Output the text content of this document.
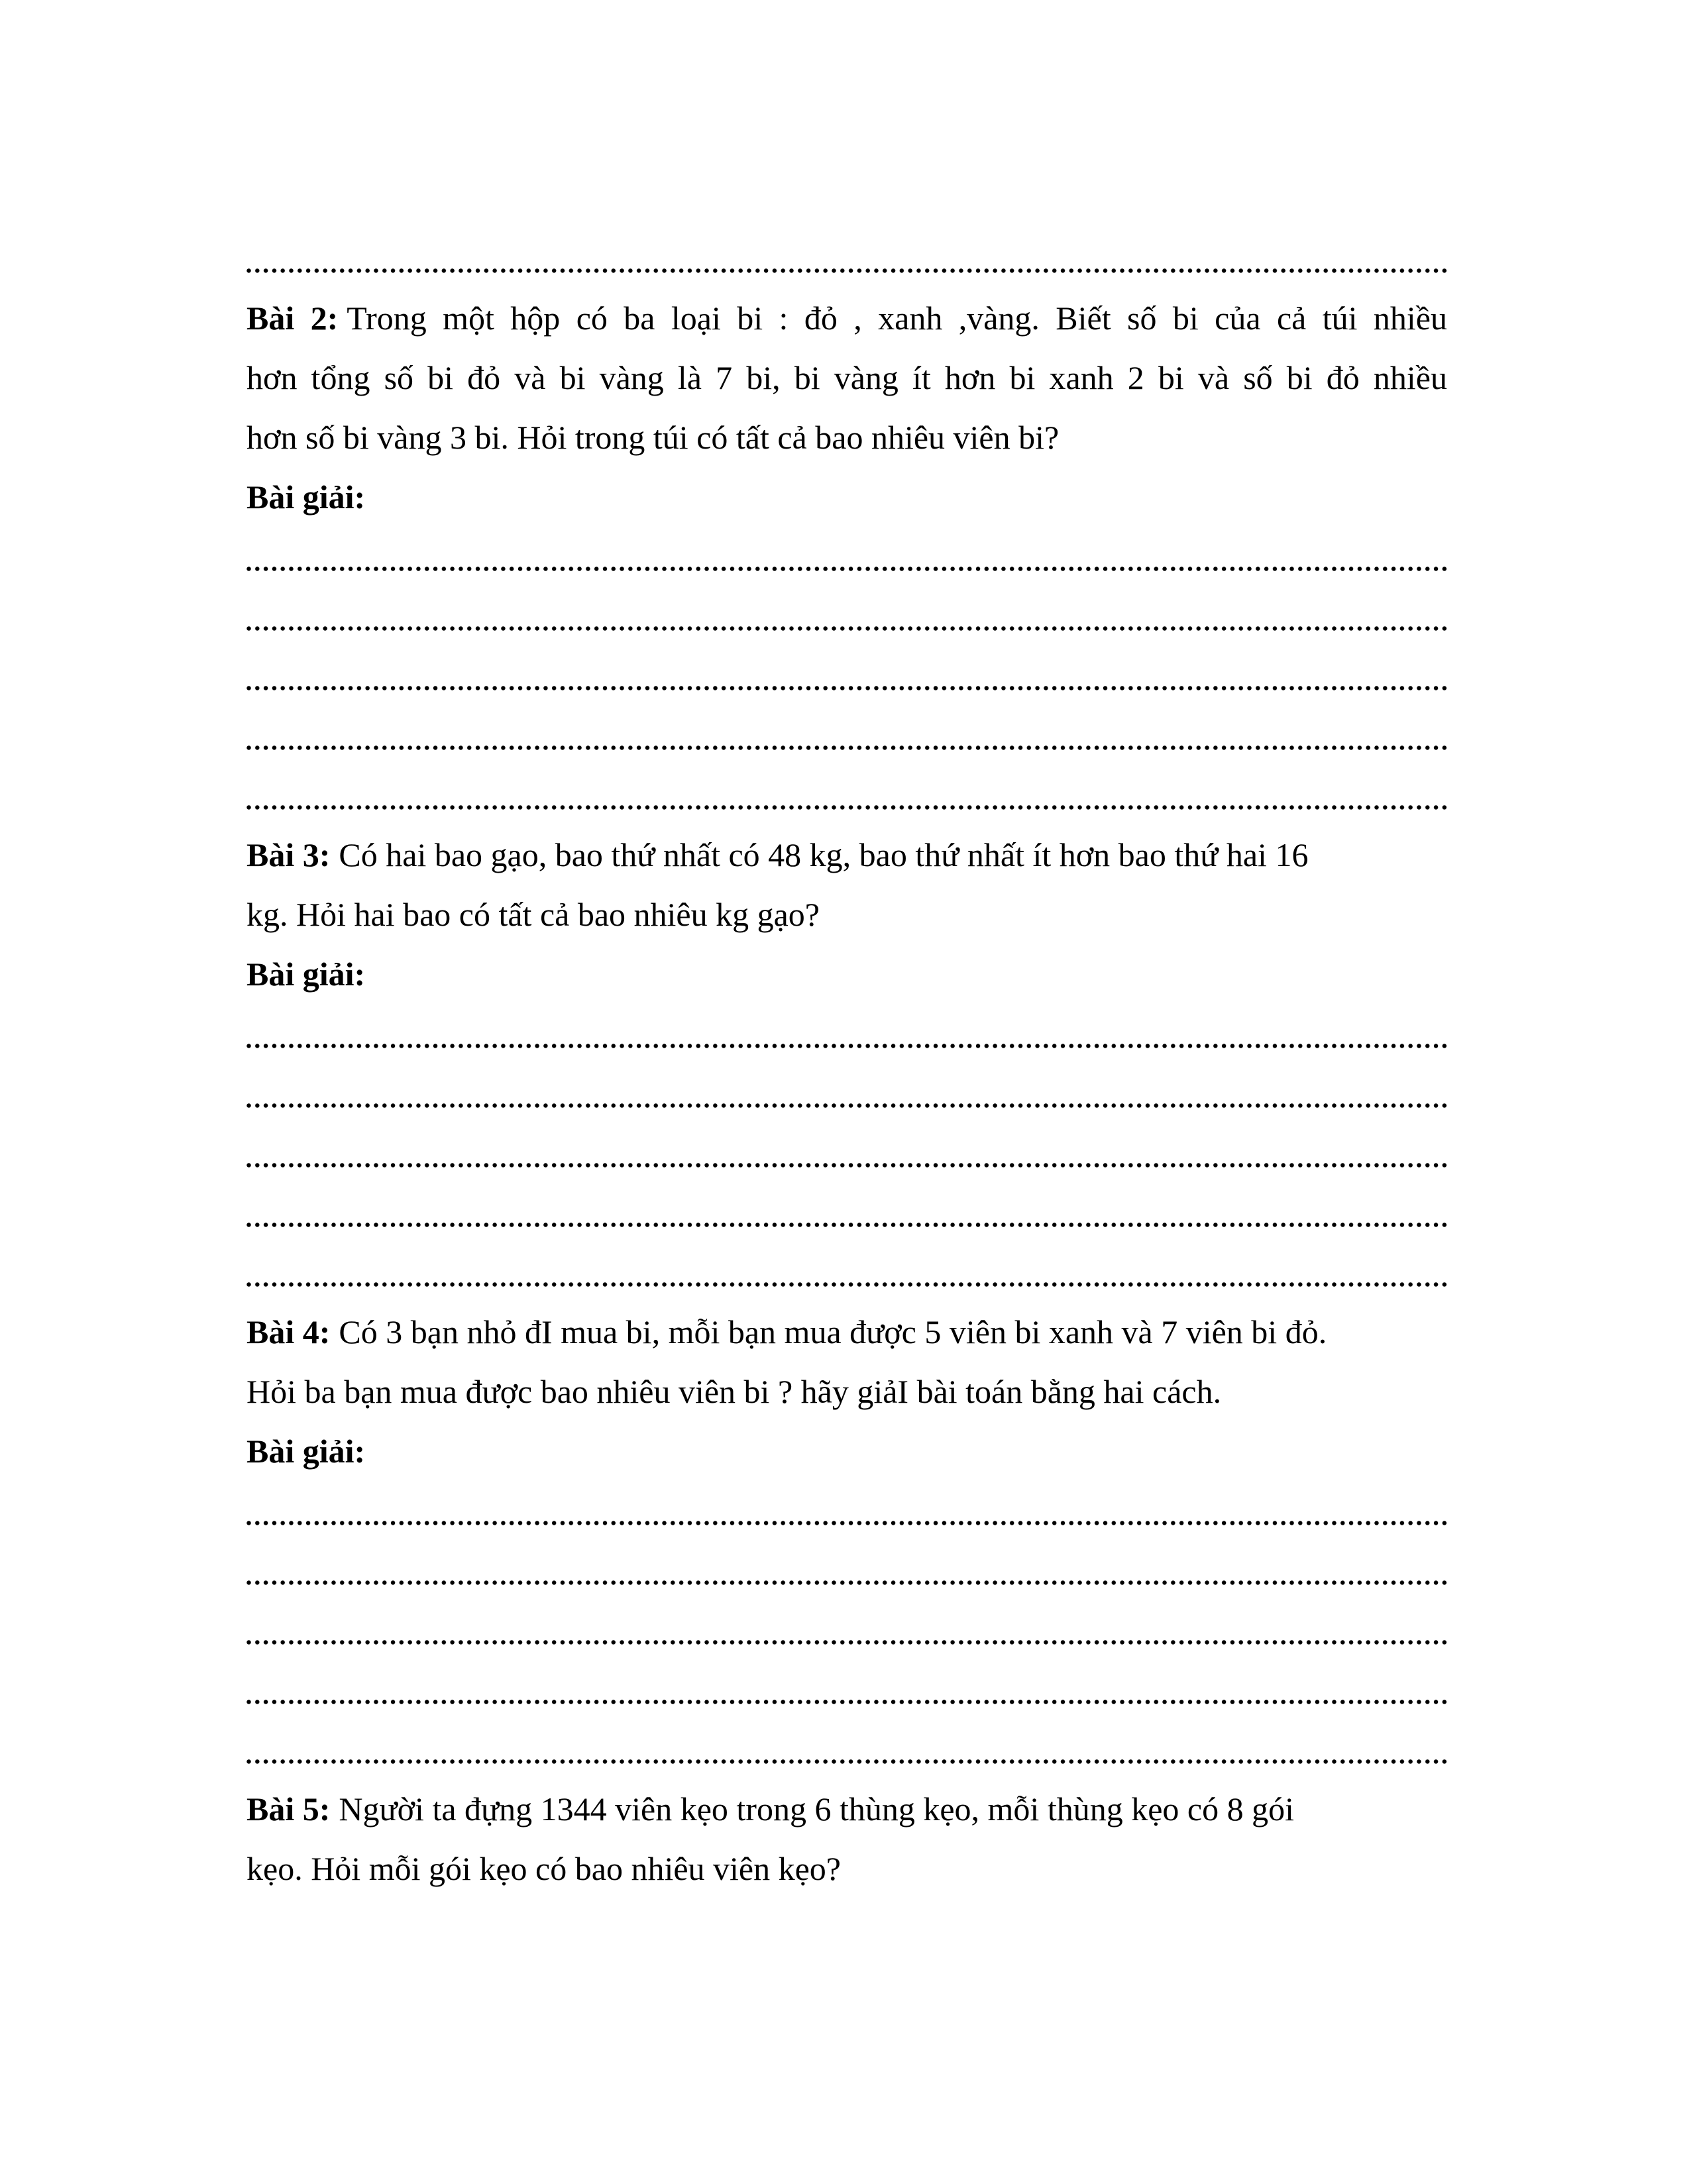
Bài 2: Trong một hộp có ba loại bi : đỏ , xanh ,vàng. Biết số bi của cả túi nhiều
hơn tổng số bi đỏ và bi vàng là 7 bi, bi vàng ít hơn bi xanh 2 bi và số bi đỏ nhiều
hơn số bi vàng 3 bi. Hỏi trong túi có tất cả bao nhiêu viên bi?
Bài giải:
Bài 3: Có hai bao gạo, bao thứ nhất có 48 kg, bao thứ nhất ít hơn bao thứ hai 16
kg. Hỏi hai bao có tất cả bao nhiêu kg gạo?
Bài giải:
Bài 4: Có 3 bạn nhỏ đI mua bi, mỗi bạn mua được 5 viên bi xanh và 7 viên bi đỏ.
Hỏi ba bạn mua được bao nhiêu viên bi ? hãy giảI bài toán bằng hai cách.
Bài giải:
Bài 5: Người ta đựng 1344 viên kẹo trong 6 thùng kẹo, mỗi thùng kẹo có 8 gói
kẹo. Hỏi mỗi gói kẹo có bao nhiêu viên kẹo?
